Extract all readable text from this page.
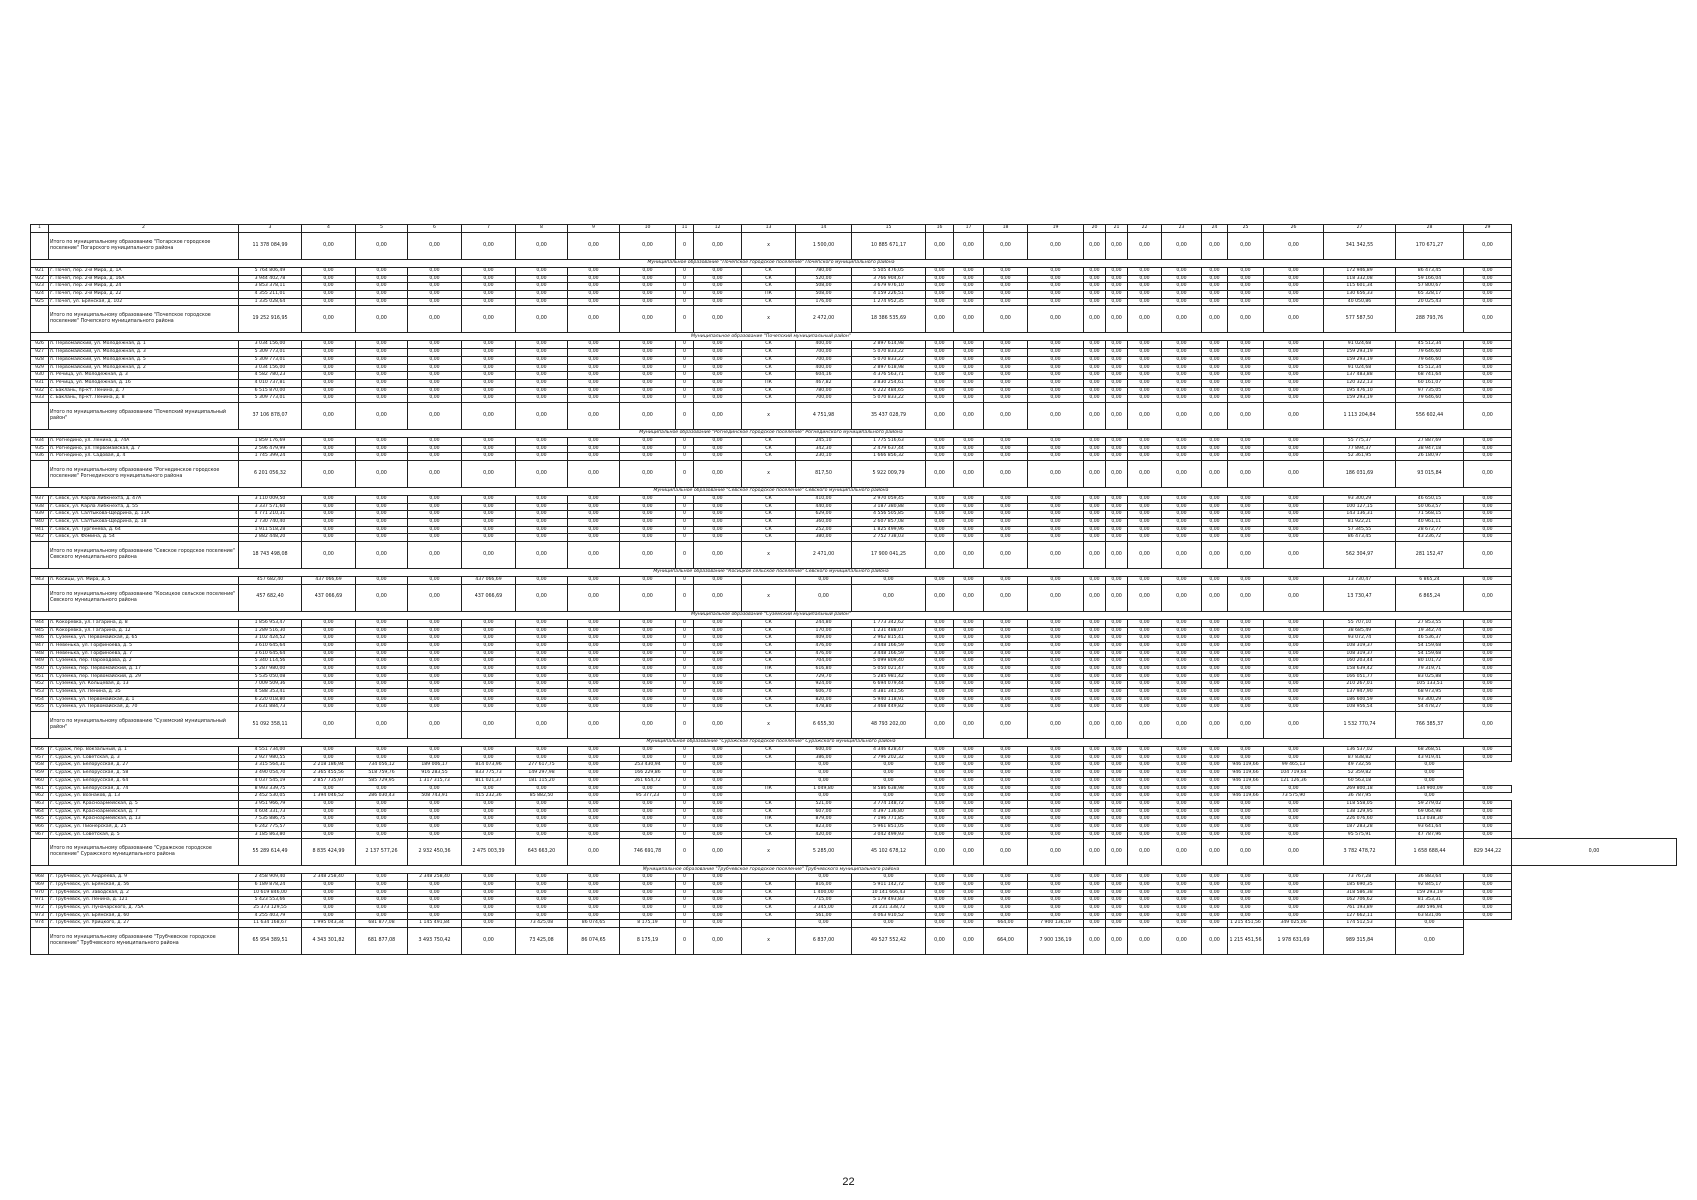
1	2	3	4	5	6	7	8	9	10	11	12	13	14	15	16	17	18	19	20	21	22	23	24	25	26	27	28	29	
	Итого по муниципальному образованию "Погарское городское поселение" Погарского муниципального района	11 378 084,99	0,00	0,00	0,00	0,00	0,00	0,00	0,00	0	0,00	x	1 500,00	10 885 671,17	0,00	0,00	0,00	0,00	0,00	0,00	0,00	0,00	0,00	0,00	0,00	341 342,55	170 671,27	0,00	
Муниципальное образование "Почепское городское поселение" Почепского муниципального района																													
921	г. Почеп, пер. 2-й Мира, д. 1А	5 764 806,49	0,00	0,00	0,00	0,00	0,00	0,00	0,00	0	0,00	СК	780,00	5 505 476,05	0,00	0,00	0,00	0,00	0,00	0,00	0,00	0,00	0,00	0,00	0,00	172 946,89	86 473,45	0,00	
922	г. Почеп, пер. 2-й Мира, д. 16А	3 944 402,78	0,00	0,00	0,00	0,00	0,00	0,00	0,00	0	0,00	СК	520,00	3 766 904,67	0,00	0,00	0,00	0,00	0,00	0,00	0,00	0,00	0,00	0,00	0,00	118 332,08	59 166,04	0,00	
923	г. Почеп, пер. 2-й Мира, д. 24	3 853 378,11	0,00	0,00	0,00	0,00	0,00	0,00	0,00	0	0,00	СК	508,00	3 679 976,10	0,00	0,00	0,00	0,00	0,00	0,00	0,00	0,00	0,00	0,00	0,00	115 601,34	57 800,67	0,00	
924	г. Почеп, пер. 2-й Мира, д. 22	4 355 211,01	0,00	0,00	0,00	0,00	0,00	0,00	0,00	0	0,00	ПК	508,00	4 159 226,51	0,00	0,00	0,00	0,00	0,00	0,00	0,00	0,00	0,00	0,00	0,00	130 656,33	65 328,17	0,00	
925	г. Почеп, ул. Брянская, д. 102	1 335 028,64	0,00	0,00	0,00	0,00	0,00	0,00	0,00	0	0,00	СК	176,00	1 274 952,35	0,00	0,00	0,00	0,00	0,00	0,00	0,00	0,00	0,00	0,00	0,00	40 050,86	20 025,43	0,00	
	Итого по муниципальному образованию "Почепское городское поселение" Почепского муниципального района	19 252 916,95	0,00	0,00	0,00	0,00	0,00	0,00	0,00	0	0,00	x	2 472,00	18 386 535,69	0,00	0,00	0,00	0,00	0,00	0,00	0,00	0,00	0,00	0,00	0,00	577 587,50	288 793,76	0,00	
Муниципальное образование "Почепский муниципальный район"																													
926	п. Первомайский, ул. Молодежная, д. 1	3 034 156,00	0,00	0,00	0,00	0,00	0,00	0,00	0,00	0	0,00	СК	400,00	2 897 614,98	0,00	0,00	0,00	0,00	0,00	0,00	0,00	0,00	0,00	0,00	0,00	91 024,68	45 512,34	0,00	
927	п. Первомайский, ул. Молодежная, д. 3	5 309 773,01	0,00	0,00	0,00	0,00	0,00	0,00	0,00	0	0,00	СК	700,00	5 070 833,22	0,00	0,00	0,00	0,00	0,00	0,00	0,00	0,00	0,00	0,00	0,00	159 293,19	79 646,60	0,00	
928	п. Первомайский, ул. Молодежная, д. 5	5 309 773,01	0,00	0,00	0,00	0,00	0,00	0,00	0,00	0	0,00	СК	700,00	5 070 833,22	0,00	0,00	0,00	0,00	0,00	0,00	0,00	0,00	0,00	0,00	0,00	159 293,19	79 646,60	0,00	
929	п. Первомайский, ул. Молодежная, д. 2	3 034 156,00	0,00	0,00	0,00	0,00	0,00	0,00	0,00	0	0,00	СК	400,00	2 897 618,98	0,00	0,00	0,00	0,00	0,00	0,00	0,00	0,00	0,00	0,00	0,00	91 024,68	45 512,34	0,00	
930	п. Речица, ул. Молодежная, д. 3	4 582 780,23	0,00	0,00	0,00	0,00	0,00	0,00	0,00	0	0,00	СК	604,16	4 376 563,71	0,00	0,00	0,00	0,00	0,00	0,00	0,00	0,00	0,00	0,00	0,00	137 483,88	68 741,64	0,00	
931	п. Речица, ул. Молодежная, д. 16	4 010 737,81	0,00	0,00	0,00	0,00	0,00	0,00	0,00	0	0,00	ПК	467,82	3 830 254,61	0,00	0,00	0,00	0,00	0,00	0,00	0,00	0,00	0,00	0,00	0,00	120 322,13	60 161,07	0,00	
932	с. Баклань, пр-кт. Ленина, д. 7	6 515 870,00	0,00	0,00	0,00	0,00	0,00	0,00	0,00	0	0,00	СК	780,00	6 222 484,65	0,00	0,00	0,00	0,00	0,00	0,00	0,00	0,00	0,00	0,00	0,00	195 476,10	97 735,05	0,00	
933	с. Баклань, пр-кт. Ленина, д. 8	5 309 773,01	0,00	0,00	0,00	0,00	0,00	0,00	0,00	0	0,00	СК	700,00	5 070 833,22	0,00	0,00	0,00	0,00	0,00	0,00	0,00	0,00	0,00	0,00	0,00	159 293,19	79 646,60	0,00	
	Итого по муниципальному образованию "Почепский муниципальный район"	37 106 878,07	0,00	0,00	0,00	0,00	0,00	0,00	0,00	0	0,00	x	4 751,98	35 437 028,79	0,00	0,00	0,00	0,00	0,00	0,00	0,00	0,00	0,00	0,00	0,00	1 113 204,84	556 602,44	0,00	
Муниципальное образование "Рогнединское городское поселение" Рогнединского муниципального района																													
934	п. Рогнедино, ул. Ленина, д. 74А	1 859 176,69	0,00	0,00	0,00	0,00	0,00	0,00	0,00	0	0,00	СК	245,10	1 775 516,63	0,00	0,00	0,00	0,00	0,00	0,00	0,00	0,00	0,00	0,00	0,00	55 775,37	27 887,69	0,00	
935	п. Рогнедино, ул. Первомайская, д. 7	2 596 479,99	0,00	0,00	0,00	0,00	0,00	0,00	0,00	0	0,00	СК	342,30	2 479 637,44	0,00	0,00	0,00	0,00	0,00	0,00	0,00	0,00	0,00	0,00	0,00	77 894,37	38 947,18	0,00	
936	п. Рогнедино, ул. Садовая, д. 4	1 745 399,24	0,00	0,00	0,00	0,00	0,00	0,00	0,00	0	0,00	СК	230,10	1 666 856,32	0,00	0,00	0,00	0,00	0,00	0,00	0,00	0,00	0,00	0,00	0,00	52 361,95	26 180,97	0,00	
	Итого по муниципальному образованию "Рогнединское городское поселение" Рогнединского муниципального района	6 201 056,32	0,00	0,00	0,00	0,00	0,00	0,00	0,00	0	0,00	x	817,50	5 922 009,79	0,00	0,00	0,00	0,00	0,00	0,00	0,00	0,00	0,00	0,00	0,00	186 031,69	93 015,84	0,00	
Муниципальное образование "Севское городское поселение" Севского муниципального района																													
937	г. Севск, ул. Карла Либкнехта, д. 47А	3 110 009,50	0,00	0,00	0,00	0,00	0,00	0,00	0,00	0	0,00	СК	410,00	2 970 059,45	0,00	0,00	0,00	0,00	0,00	0,00	0,00	0,00	0,00	0,00	0,00	93 300,29	46 650,15	0,00	
938	г. Севск, ул. Карла Либкнехта, д. 55	3 337 571,60	0,00	0,00	0,00	0,00	0,00	0,00	0,00	0	0,00	СК	440,00	3 187 380,88	0,00	0,00	0,00	0,00	0,00	0,00	0,00	0,00	0,00	0,00	0,00	100 127,15	50 063,57	0,00	
939	г. Севск, ул. Салтыкова-Щедрина, д. 13А	4 771 210,31	0,00	0,00	0,00	0,00	0,00	0,00	0,00	0	0,00	СК	629,00	4 556 505,85	0,00	0,00	0,00	0,00	0,00	0,00	0,00	0,00	0,00	0,00	0,00	143 136,31	71 568,15	0,00	
940	г. Севск, ул. Салтыкова-Щедрина, д. 18	2 730 740,40	0,00	0,00	0,00	0,00	0,00	0,00	0,00	0	0,00	СК	360,00	2 607 857,08	0,00	0,00	0,00	0,00	0,00	0,00	0,00	0,00	0,00	0,00	0,00	81 922,21	40 961,11	0,00	
941	г. Севск, ул. Тургенева, д. 64	1 911 518,28	0,00	0,00	0,00	0,00	0,00	0,00	0,00	0	0,00	СК	252,00	1 825 499,96	0,00	0,00	0,00	0,00	0,00	0,00	0,00	0,00	0,00	0,00	0,00	57 345,55	28 672,77	0,00	
942	г. Севск, ул. Фомина, д. 54	2 882 448,20	0,00	0,00	0,00	0,00	0,00	0,00	0,00	0	0,00	СК	380,00	2 752 738,03	0,00	0,00	0,00	0,00	0,00	0,00	0,00	0,00	0,00	0,00	0,00	86 473,45	43 236,72	0,00	
	Итого по муниципальному образованию "Севское городское поселение" Севского муниципального района	18 743 498,08	0,00	0,00	0,00	0,00	0,00	0,00	0,00	0	0,00	x	2 471,00	17 900 041,25	0,00	0,00	0,00	0,00	0,00	0,00	0,00	0,00	0,00	0,00	0,00	562 304,97	281 152,47	0,00	
Муниципальное образование "Косицкое сельское поселение" Севского муниципального района																													
943	п. Косицы, ул. Мира, д. 5	457 682,40	437 066,69	0,00	0,00	437 066,69	0,00	0,00	0,00	0	0,00		0,00	0,00	0,00	0,00	0,00	0,00	0,00	0,00	0,00	0,00	0,00	0,00	0,00	13 730,47	6 865,24	0,00	
	Итого по муниципальному образованию "Косицкое сельское поселение" Севского муниципального района	457 682,40	437 066,69	0,00	0,00	437 066,69	0,00	0,00	0,00	0	0,00	x	0,00	0,00	0,00	0,00	0,00	0,00	0,00	0,00	0,00	0,00	0,00	0,00	0,00	13 730,47	6 865,24	0,00	
Муниципальное образование "Суземский муниципальный район"																													
944	п. Кокоревка, ул. Гагарина, д. 8	1 856 953,47	0,00	0,00	0,00	0,00	0,00	0,00	0,00	0	0,00	СК	244,80	1 773 342,62	0,00	0,00	0,00	0,00	0,00	0,00	0,00	0,00	0,00	0,00	0,00	55 707,10	27 853,55	0,00	
945	п. Кокоревка, ул. Гагарина, д. 12	1 289 516,30	0,00	0,00	0,00	0,00	0,00	0,00	0,00	0	0,00	СК	170,00	1 231 488,07	0,00	0,00	0,00	0,00	0,00	0,00	0,00	0,00	0,00	0,00	0,00	38 685,49	19 342,74	0,00	
946	п. Суземка, ул. Первомайская, д. 65	3 102 424,52	0,00	0,00	0,00	0,00	0,00	0,00	0,00	0	0,00	СК	409,00	2 962 815,41	0,00	0,00	0,00	0,00	0,00	0,00	0,00	0,00	0,00	0,00	0,00	93 072,74	46 536,37	0,00	
947	п. Невенька, ул. Горфиноева, д. 5	3 610 645,64	0,00	0,00	0,00	0,00	0,00	0,00	0,00	0	0,00	СК	476,00	3 448 166,59	0,00	0,00	0,00	0,00	0,00	0,00	0,00	0,00	0,00	0,00	0,00	108 319,37	54 159,68	0,00	
948	п. Невенька, ул. Горфиноева, д. 7	3 610 645,64	0,00	0,00	0,00	0,00	0,00	0,00	0,00	0	0,00	СК	476,00	3 448 166,59	0,00	0,00	0,00	0,00	0,00	0,00	0,00	0,00	0,00	0,00	0,00	108 319,37	54 159,68	0,00	
949	п. Суземка, пер. Пароходова, д. 2	5 340 114,56	0,00	0,00	0,00	0,00	0,00	0,00	0,00	0	0,00	СК	704,00	5 099 809,40	0,00	0,00	0,00	0,00	0,00	0,00	0,00	0,00	0,00	0,00	0,00	160 203,44	80 101,72	0,00	
950	п. Суземка, пер. Первомайский, д. 17	5 287 980,00	0,00	0,00	0,00	0,00	0,00	0,00	0,00	0	0,00	ПК	616,80	5 050 021,47	0,00	0,00	0,00	0,00	0,00	0,00	0,00	0,00	0,00	0,00	0,00	158 639,42	79 319,71	0,00	
951	п. Суземка, пер. Первомайский, д. 29	5 535 050,08	0,00	0,00	0,00	0,00	0,00	0,00	0,00	0	0,00	СК	729,70	5 285 981,42	0,00	0,00	0,00	0,00	0,00	0,00	0,00	0,00	0,00	0,00	0,00	166 051,77	83 025,88	0,00	
952	п. Суземка, ул. Кольцевая, д. 13	7 009 509,36	0,00	0,00	0,00	0,00	0,00	0,00	0,00	0	0,00	СК	924,00	6 694 079,44	0,00	0,00	0,00	0,00	0,00	0,00	0,00	0,00	0,00	0,00	0,00	210 267,01	105 133,51	0,00	
953	п. Суземка, ул. Ленина, д. 35	4 588 353,41	0,00	0,00	0,00	0,00	0,00	0,00	0,00	0	0,00	СК	606,70	4 381 341,56	0,00	0,00	0,00	0,00	0,00	0,00	0,00	0,00	0,00	0,00	0,00	137 947,90	68 973,95	0,00	
954	п. Суземка, ул. Первомайская, д. 1	6 220 018,80	0,00	0,00	0,00	0,00	0,00	0,00	0,00	0	0,00	СК	820,00	5 940 118,91	0,00	0,00	0,00	0,00	0,00	0,00	0,00	0,00	0,00	0,00	0,00	186 600,59	93 300,29	0,00	
955	п. Суземка, ул. Первомайская, д. 70	3 631 884,73	0,00	0,00	0,00	0,00	0,00	0,00	0,00	0	0,00	СК	478,80	3 468 449,82	0,00	0,00	0,00	0,00	0,00	0,00	0,00	0,00	0,00	0,00	0,00	108 956,54	54 478,27	0,00	
	Итого по муниципальному образованию "Суземский муниципальный район"	51 092 358,11	0,00	0,00	0,00	0,00	0,00	0,00	0,00	0	0,00	x	6 655,30	48 793 202,00	0,00	0,00	0,00	0,00	0,00	0,00	0,00	0,00	0,00	0,00	0,00	1 532 770,74	766 385,37	0,00	
Муниципальное образование "Суражское городское поселение" Суражского муниципального района																													
956	г. Сураж, пер. Вокзальный, д. 1	4 551 734,00	0,00	0,00	0,00	0,00	0,00	0,00	0,00	0	0,00	СК	600,00	4 346 428,47	0,00	0,00	0,00	0,00	0,00	0,00	0,00	0,00	0,00	0,00	0,00	136 537,02	68 268,51	0,00	
957	г. Сураж, ул. Советская, д. 3	2 927 980,55	0,00	0,00	0,00	0,00	0,00	0,00	0,00	0	0,00	СК	386,00	2 796 202,32	0,00	0,00	0,00	0,00	0,00	0,00	0,00	0,00	0,00	0,00	0,00	87 838,82	43 919,41	0,00	
958	г. Сураж, ул. Белорусская, д. 27	3 315 564,31	2 218 186,94	734 056,12	189 006,17	814 073,96	277 617,75	0,00	253 430,94	0	0,00		0,00	0,00	0,00	0,00	0,00	0,00	0,00	0,00	0,00	0,00	0,00	946 119,66	99 465,13	49 732,56	0,00		
959	г. Сураж, ул. Белорусская, д. 58	3 490 054,70	2 365 455,56	518 759,76	916 283,55	833 775,73	149 297,98	0,00	166 229,86	0	0,00		0,00	0,00	0,00	0,00	0,00	0,00	0,00	0,00	0,00	0,00	0,00	946 119,66	104 719,64	52 359,82	0,00		
960	г. Сураж, ул. Белорусская, д. 64	4 037 545,19	2 857 735,97	585 729,95	1 317 315,73	811 021,37	181 115,20	0,00	261 654,72	0	0,00		0,00	0,00	0,00	0,00	0,00	0,00	0,00	0,00	0,00	0,00	0,00	946 119,66	121 126,36	60 563,18	0,00		
961	г. Сураж, ул. Белорусская, д. 74	8 993 339,75	0,00	0,00	0,00	0,00	0,00	0,00	0,00	0	0,00	ПК	1 049,80	8 586 638,98	0,00	0,00	0,00	0,00	0,00	0,00	0,00	0,00	0,00	0,00	0,00	269 800,18	134 900,09	0,00	
962	г. Сураж, ул. Вознаков, д. 13	2 452 530,05	1 394 046,52	286 030,43	508 743,91	415 232,36	85 882,50	0,00	95 377,23	0	0,00		0,00	0,00	0,00	0,00	0,00	0,00	0,00	0,00	0,00	0,00	0,00	946 119,66	73 575,90	36 787,95	0,00		
963	г. Сураж, ул. Красноармейская, д. 5	3 951 966,79	0,00	0,00	0,00	0,00	0,00	0,00	0,00	0	0,00	СК	521,00	3 774 148,72	0,00	0,00	0,00	0,00	0,00	0,00	0,00	0,00	0,00	0,00	0,00	118 558,05	59 279,02	0,00	
964	г. Сураж, ул. Красноармейская, д. 7	4 604 331,73	0,00	0,00	0,00	0,00	0,00	0,00	0,00	0	0,00	СК	607,00	4 397 136,80	0,00	0,00	0,00	0,00	0,00	0,00	0,00	0,00	0,00	0,00	0,00	138 129,95	69 064,98	0,00	
965	г. Сураж, ул. Красноармейская, д. 13	7 535 886,75	0,00	0,00	0,00	0,00	0,00	0,00	0,00	0	0,00	ПК	879,00	7 196 771,85	0,00	0,00	0,00	0,00	0,00	0,00	0,00	0,00	0,00	0,00	0,00	226 076,60	113 038,30	0,00	
966	г. Сураж, ул. Пионерская, д. 25	6 242 775,57	0,00	0,00	0,00	0,00	0,00	0,00	0,00	0	0,00	СК	823,00	5 961 851,05	0,00	0,00	0,00	0,00	0,00	0,00	0,00	0,00	0,00	0,00	0,00	187 283,28	93 641,64	0,00	
967	г. Сураж, ул. Советская, д. 5	3 185 863,80	0,00	0,00	0,00	0,00	0,00	0,00	0,00	0	0,00	СК	420,00	3 042 499,93	0,00	0,00	0,00	0,00	0,00	0,00	0,00	0,00	0,00	0,00	0,00	95 575,91	47 787,96	0,00	
	Итого по муниципальному образованию "Суражское городское поселение" Суражского муниципального района	55 289 614,49	8 835 424,99	2 137 577,26	2 932 450,36	2 475 003,39	643 663,20	0,00	746 691,78	0	0,00	x	5 285,00	45 102 678,12	0,00	0,00	0,00	0,00	0,00	0,00	0,00	0,00	0,00	0,00	0,00	3 782 478,72	1 658 688,44	829 344,22	0,00
Муниципальное образование "Трубчевское городское поселение" Трубчевского муниципального района																													
968	г. Трубчевск, ул. Андреева, д. 9	2 458 909,40	2 348 258,40	0,00	2 348 258,40	0,00	0,00	0,00	0,00	0	0,00		0,00	0,00	0,00	0,00	0,00	0,00	0,00	0,00	0,00	0,00	0,00	0,00	0,00	73 767,28	36 883,64	0,00	
969	г. Трубчевск, ул. Брянская, д. 56	6 189 878,24	0,00	0,00	0,00	0,00	0,00	0,00	0,00	0	0,00	СК	816,00	5 911 142,72	0,00	0,00	0,00	0,00	0,00	0,00	0,00	0,00	0,00	0,00	0,00	185 690,35	92 845,17	0,00	
970	г. Трубчевск, ул. Заводская, д. 2	10 619 846,00	0,00	0,00	0,00	0,00	0,00	0,00	0,00	0	0,00	СК	1 400,00	10 141 666,43	0,00	0,00	0,00	0,00	0,00	0,00	0,00	0,00	0,00	0,00	0,00	318 586,38	159 293,19	0,00	
971	г. Трубчевск, ул. Ленина, д. 121	5 423 553,66	0,00	0,00	0,00	0,00	0,00	0,00	0,00	0	0,00	СК	715,00	5 179 493,83	0,00	0,00	0,00	0,00	0,00	0,00	0,00	0,00	0,00	0,00	0,00	162 706,62	81 353,31	0,00	
972	г. Трубчевск, ул. Луначарского, д. 75А	25 373 129,55	0,00	0,00	0,00	0,00	0,00	0,00	0,00	0	0,00	СК	3 345,00	24 231 338,72	0,00	0,00	0,00	0,00	0,00	0,00	0,00	0,00	0,00	0,00	0,00	761 193,89	380 596,94	0,00	
973	г. Трубчевск, ул. Брянская, д. 60	4 255 403,79	0,00	0,00	0,00	0,00	0,00	0,00	0,00	0	0,00	СК	561,00	4 063 910,52	0,00	0,00	0,00	0,00	0,00	0,00	0,00	0,00	0,00	0,00	0,00	127 662,11	63 831,06	0,00	
974	г. Трубчевск, ул. Урицкого, д. 27	11 634 168,67	1 995 043,34	681 877,08	1 145 491,84	0,00	73 425,08	86 074,65	8 175,19	0	0,00		0,00	0,00	0,00	0,00	664,00	7 900 136,19	0,00	0,00	0,00	0,00	0,00	1 215 451,56	349 025,06	174 512,53	0,00		
	Итого по муниципальному образованию "Трубчевское городское поселение" Трубчевского муниципального района	65 954 389,51	4 343 301,82	681 877,08	3 493 750,42	0,00	73 425,08	86 074,65	8 175,19	0	0,00	x	6 837,00	49 527 552,42	0,00	0,00	664,00	7 900 136,19	0,00	0,00	0,00	0,00	0,00	1 215 451,56	1 978 631,69	989 315,84	0,00		
22
